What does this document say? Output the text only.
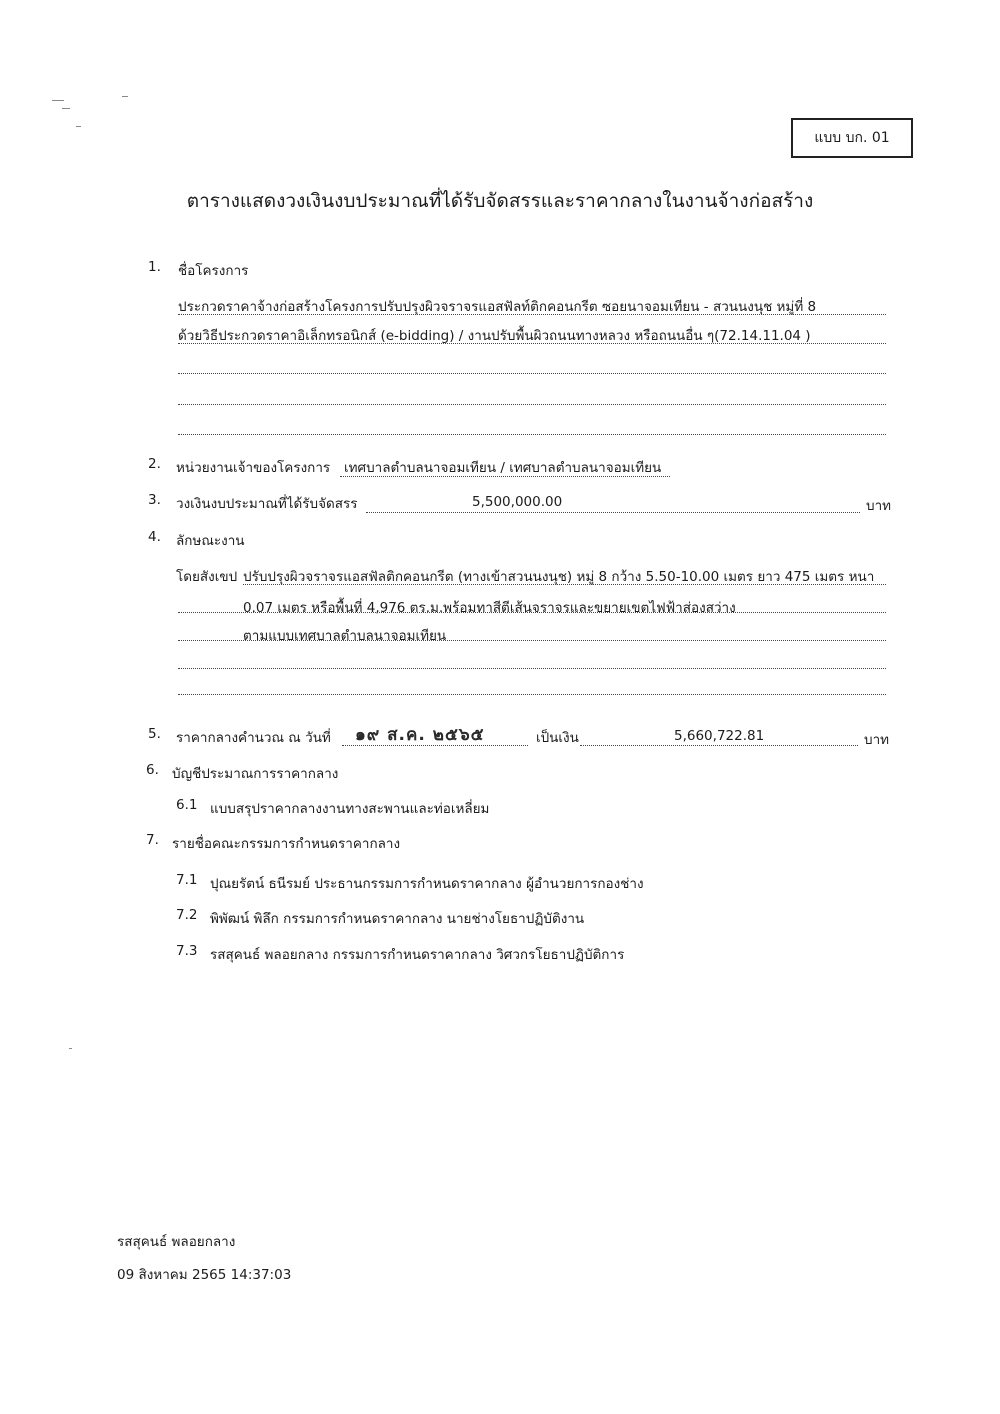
แบบ บก. 01
ตารางแสดงวงเงินงบประมาณที่ได้รับจัดสรรและราคากลางในงานจ้างก่อสร้าง
1. ชื่อโครงการ
ประกวดราคาจ้างก่อสร้างโครงการปรับปรุงผิวจราจรแอสฟัลท์ติกคอนกรีต ซอยนาจอมเทียน - สวนนงนุช หมู่ที่ 8
ด้วยวิธีประกวดราคาอิเล็กทรอนิกส์ (e-bidding) / งานปรับพื้นผิวถนนทางหลวง หรือถนนอื่น ๆ(72.14.11.04 )
2. หน่วยงานเจ้าของโครงการ เทศบาลตำบลนาจอมเทียน / เทศบาลตำบลนาจอมเทียน
3. วงเงินงบประมาณที่ได้รับจัดสรร	5,500,000.00	บาท
4. ลักษณะงาน
โดยสังเขป ปรับปรุงผิวจราจรแอสฟัลติกคอนกรีต (ทางเข้าสวนนงนุช) หมู่ 8 กว้าง 5.50-10.00 เมตร ยาว 475 เมตร หนา
0.07 เมตร หรือพื้นที่ 4,976 ตร.ม.พร้อมทาสีตีเส้นจราจรและขยายเขตไฟฟ้าส่องสว่าง
ตามแบบเทศบาลตำบลนาจอมเทียน
5. ราคากลางคำนวณ ณ วันที่ ๑๙ ส.ค. ๒๕๖๕	เป็นเงิน	5,660,722.81	บาท
6. บัญชีประมาณการราคากลาง
6.1 แบบสรุปราคากลางงานทางสะพานและท่อเหลี่ยม
7. รายชื่อคณะกรรมการกำหนดราคากลาง
7.1 ปุณยรัตน์ ธนีรมย์ ประธานกรรมการกำหนดราคากลาง ผู้อำนวยการกองช่าง
7.2 พิพัฒน์ พิลึก กรรมการกำหนดราคากลาง นายช่างโยธาปฏิบัติงาน
7.3 รสสุคนธ์ พลอยกลาง กรรมการกำหนดราคากลาง วิศวกรโยธาปฏิบัติการ
รสสุคนธ์ พลอยกลาง
09 สิงหาคม 2565 14:37:03
